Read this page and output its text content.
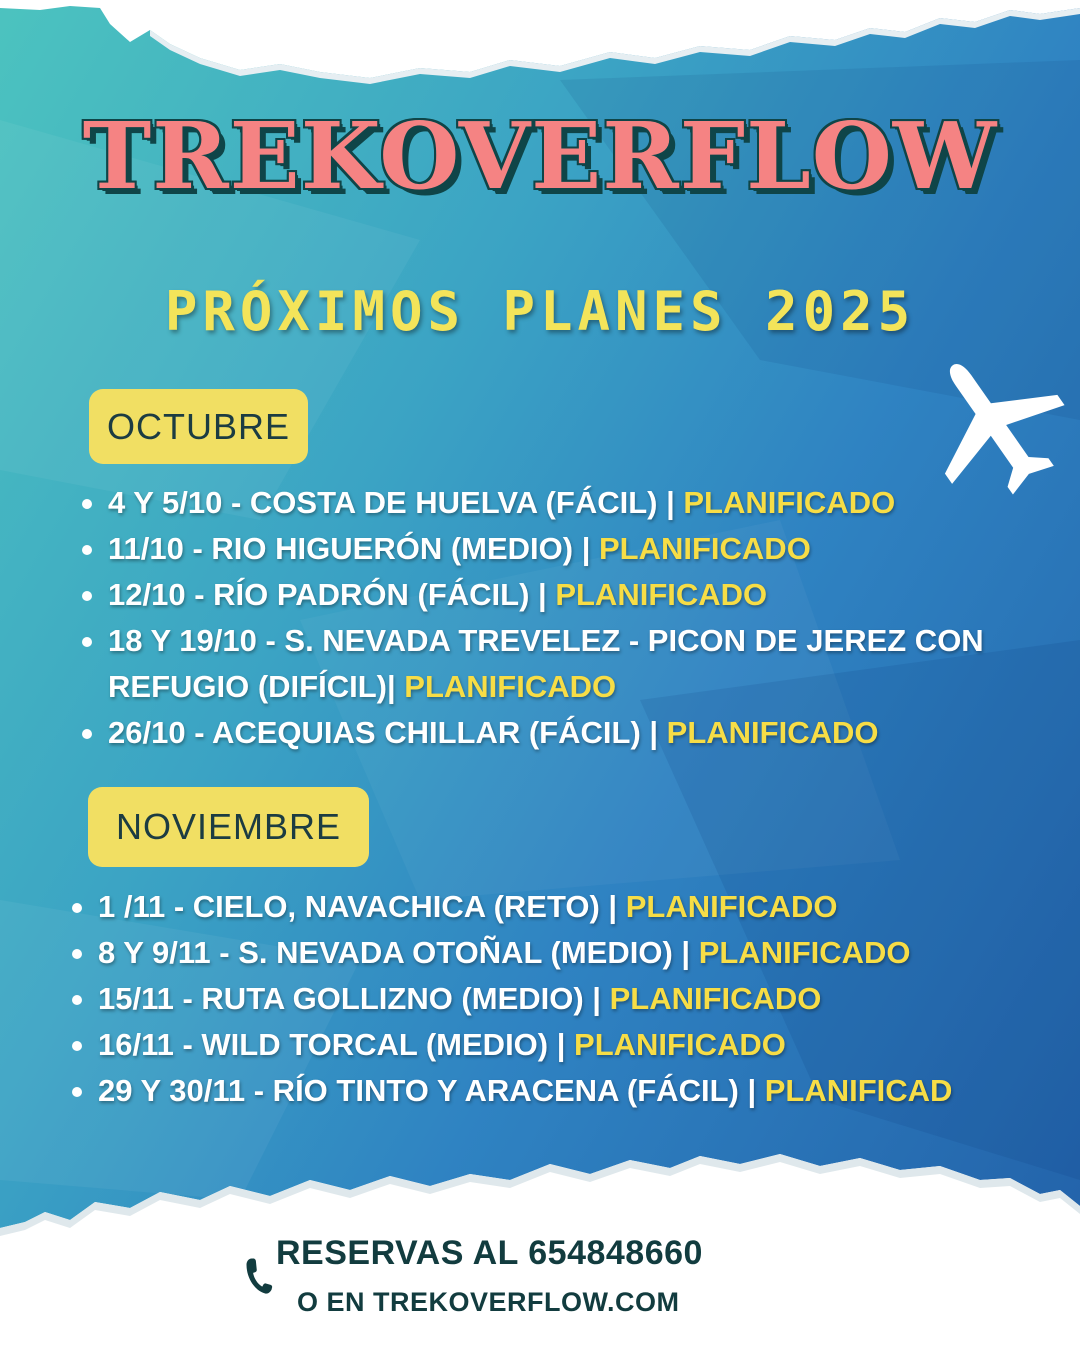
TREKOVERFLOW
PRÓXIMOS PLANES 2025
OCTUBRE
4 Y 5/10 - COSTA DE HUELVA (FÁCIL) | PLANIFICADO
11/10 - RIO HIGUERÓN (MEDIO) | PLANIFICADO
12/10 - RÍO PADRÓN (FÁCIL) | PLANIFICADO
18 Y 19/10 - S. NEVADA TREVELEZ - PICON DE JEREZ CON REFUGIO (DIFÍCIL)| PLANIFICADO
26/10 - ACEQUIAS CHILLAR (FÁCIL) | PLANIFICADO
NOVIEMBRE
1 /11 - CIELO, NAVACHICA (RETO) | PLANIFICADO
8 Y 9/11 - S. NEVADA OTOÑAL (MEDIO) | PLANIFICADO
15/11 - RUTA GOLLIZNO (MEDIO) | PLANIFICADO
16/11 - WILD TORCAL (MEDIO) | PLANIFICADO
29 Y 30/11 - RÍO TINTO Y ARACENA (FÁCIL) | PLANIFICAD
RESERVAS AL 654848660
O EN TREKOVERFLOW.COM
